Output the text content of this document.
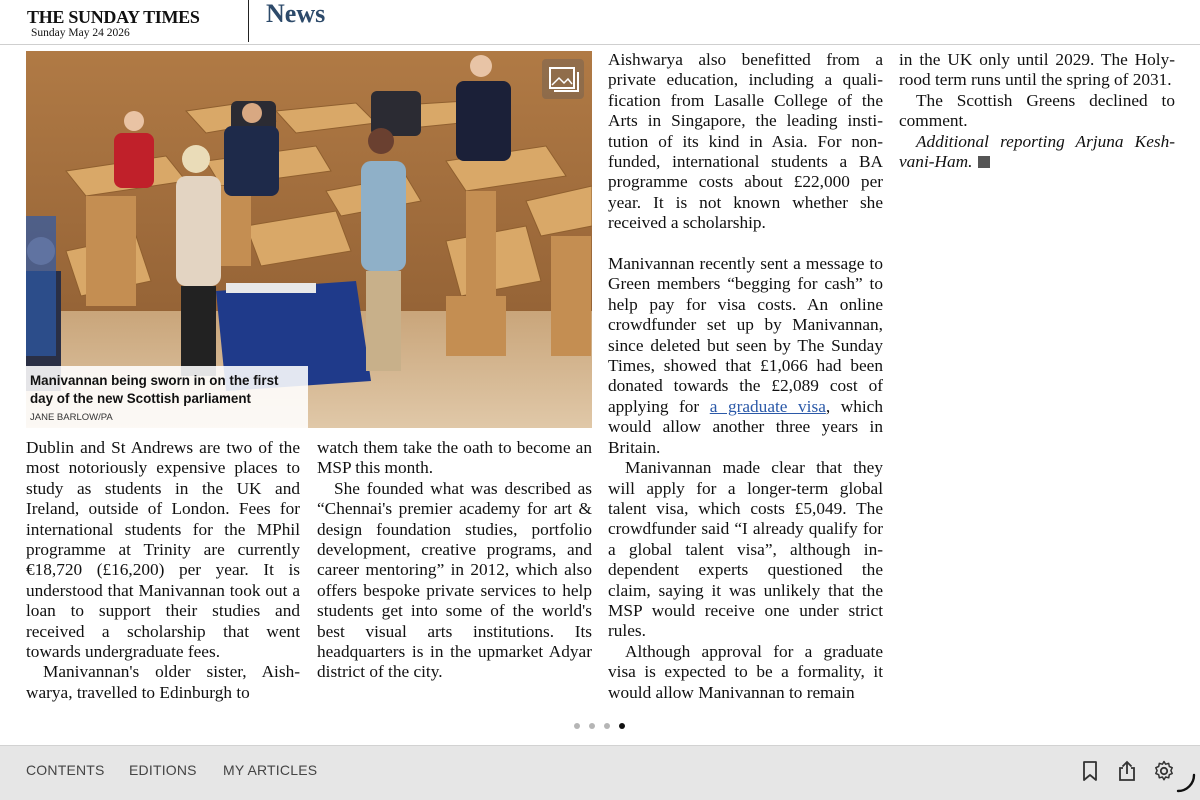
THE SUNDAY TIMES
Sunday May 24 2026
News
Manivannan being sworn in on the first day of the new Scottish parliament
JANE BARLOW/PA

Dublin and St Andrews are two of the most notoriously expensive places to study as students in the UK and Ireland, outside of London. Fees for international students for the MPhil programme at Trinity are currently €18,720 (£16,200) per year. It is understood that Manivannan took out a loan to support their studies and received a scholarship that went towards undergraduate fees.

Manivannan's older sister, Aishwarya, travelled to Edinburgh to

watch them take the oath to become an MSP this month.

She founded what was described as “Chennai's premier academy for art & design foundation studies, portfolio development, creative programs, and career mentoring” in 2012, which also offers bespoke private services to help students get into some of the world's best visual arts institutions. Its headquarters is in the upmarket Adyar district of the city.

Aishwarya also benefitted from a private education, including a qualification from Lasalle College of the Arts in Singapore, the leading institution of its kind in Asia. For non-funded, international students a BA programme costs about £22,000 per year. It is not known whether she received a scholarship.

Manivannan recently sent a message to Green members “begging for cash” to help pay for visa costs. An online crowdfunder set up by Manivannan, since deleted but seen by The Sunday Times, showed that £1,066 had been donated towards the £2,089 cost of applying for a graduate visa, which would allow another three years in Britain.

Manivannan made clear that they will apply for a longer-term global talent visa, which costs £5,049. The crowdfunder said “I already qualify for a global talent visa”, although independent experts questioned the claim, saying it was unlikely that the MSP would receive one under strict rules.

Although approval for a graduate visa is expected to be a formality, it would allow Manivannan to remain

in the UK only until 2029. The Holyrood term runs until the spring of 2031.

The Scottish Greens declined to comment.

Additional reporting Arjuna Keshvani-Ham.

CONTENTS EDITIONS MY ARTICLES
